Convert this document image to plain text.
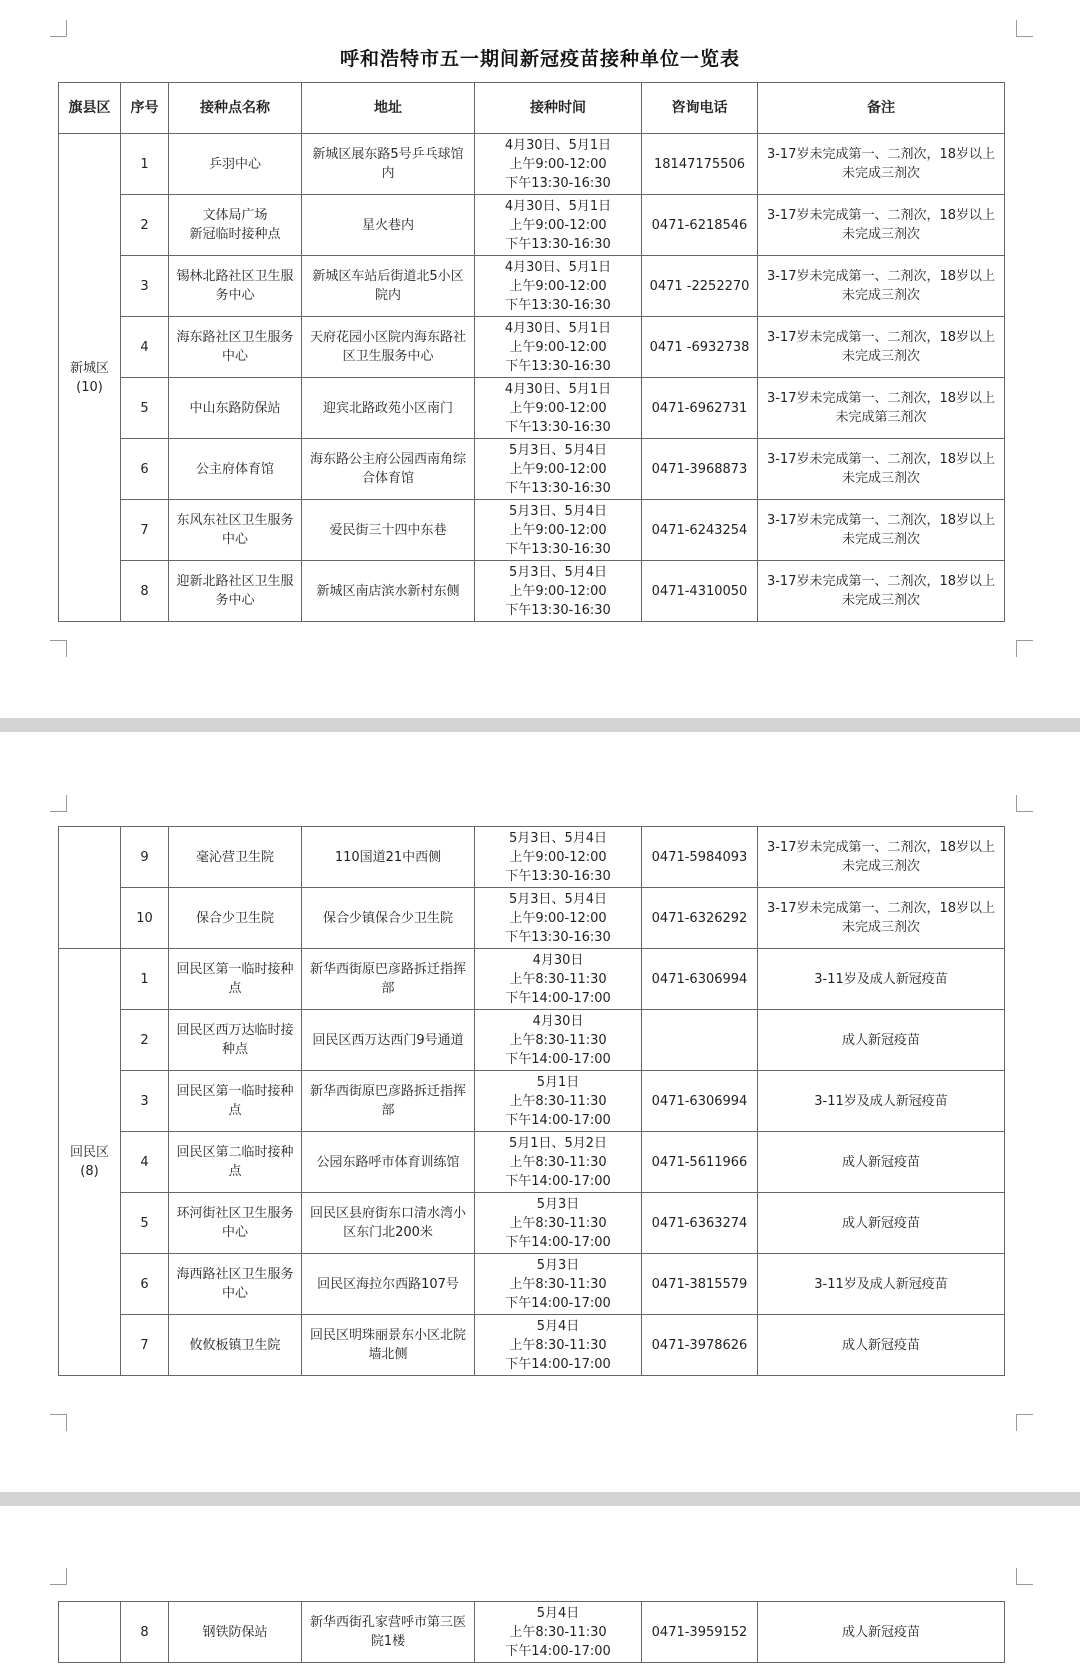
呼和浩特市五一期间新冠疫苗接种单位一览表
旗县区	序号	接种点名称	地址	接种时间	咨询电话	备注
新城区
(10)	1	乒羽中心	新城区展东路5号乒乓球馆内	4月30日、5月1日
上午9:00-12:00
下午13:30-16:30	18147175506	3-17岁未完成第一、二剂次，18岁以上未完成三剂次
	2	文体局广场
新冠临时接种点	星火巷内	4月30日、5月1日
上午9:00-12:00
下午13:30-16:30	0471-6218546	3-17岁未完成第一、二剂次，18岁以上未完成三剂次
	3	锡林北路社区卫生服务中心	新城区车站后街道北5小区院内	4月30日、5月1日
上午9:00-12:00
下午13:30-16:30	0471 -2252270	3-17岁未完成第一、二剂次，18岁以上未完成三剂次
	4	海东路社区卫生服务中心	天府花园小区院内海东路社区卫生服务中心	4月30日、5月1日
上午9:00-12:00
下午13:30-16:30	0471 -6932738	3-17岁未完成第一、二剂次，18岁以上未完成三剂次
	5	中山东路防保站	迎宾北路政苑小区南门	4月30日、5月1日
上午9:00-12:00
下午13:30-16:30	0471-6962731	3-17岁未完成第一、二剂次，18岁以上未完成第三剂次
	6	公主府体育馆	海东路公主府公园西南角综合体育馆	5月3日、5月4日
上午9:00-12:00
下午13:30-16:30	0471-3968873	3-17岁未完成第一、二剂次，18岁以上未完成三剂次
	7	东风东社区卫生服务中心	爱民街三十四中东巷	5月3日、5月4日
上午9:00-12:00
下午13:30-16:30	0471-6243254	3-17岁未完成第一、二剂次，18岁以上未完成三剂次
	8	迎新北路社区卫生服务中心	新城区南店滨水新村东侧	5月3日、5月4日
上午9:00-12:00
下午13:30-16:30	0471-4310050	3-17岁未完成第一、二剂次，18岁以上未完成三剂次
	9	毫沁营卫生院	110国道21中西侧	5月3日、5月4日
上午9:00-12:00
下午13:30-16:30	0471-5984093	3-17岁未完成第一、二剂次，18岁以上未完成三剂次
	10	保合少卫生院	保合少镇保合少卫生院	5月3日、5月4日
上午9:00-12:00
下午13:30-16:30	0471-6326292	3-17岁未完成第一、二剂次，18岁以上未完成三剂次
回民区
(8)	1	回民区第一临时接种点	新华西街原巴彦路拆迁指挥部	4月30日
上午8:30-11:30
下午14:00-17:00	0471-6306994	3-11岁及成人新冠疫苗
	2	回民区西万达临时接种点	回民区西万达西门9号通道	4月30日
上午8:30-11:30
下午14:00-17:00		成人新冠疫苗
	3	回民区第一临时接种点	新华西街原巴彦路拆迁指挥部	5月1日
上午8:30-11:30
下午14:00-17:00	0471-6306994	3-11岁及成人新冠疫苗
	4	回民区第二临时接种点	公园东路呼市体育训练馆	5月1日、5月2日
上午8:30-11:30
下午14:00-17:00	0471-5611966	成人新冠疫苗
	5	环河街社区卫生服务中心	回民区县府街东口清水湾小区东门北200米	5月3日
上午8:30-11:30
下午14:00-17:00	0471-6363274	成人新冠疫苗
	6	海西路社区卫生服务中心	回民区海拉尔西路107号	5月3日
上午8:30-11:30
下午14:00-17:00	0471-3815579	3-11岁及成人新冠疫苗
	7	攸攸板镇卫生院	回民区明珠丽景东小区北院墙北侧	5月4日
上午8:30-11:30
下午14:00-17:00	0471-3978626	成人新冠疫苗
	8	钢铁防保站	新华西街孔家营呼市第三医院1楼	5月4日
上午8:30-11:30
下午14:00-17:00	0471-3959152	成人新冠疫苗
